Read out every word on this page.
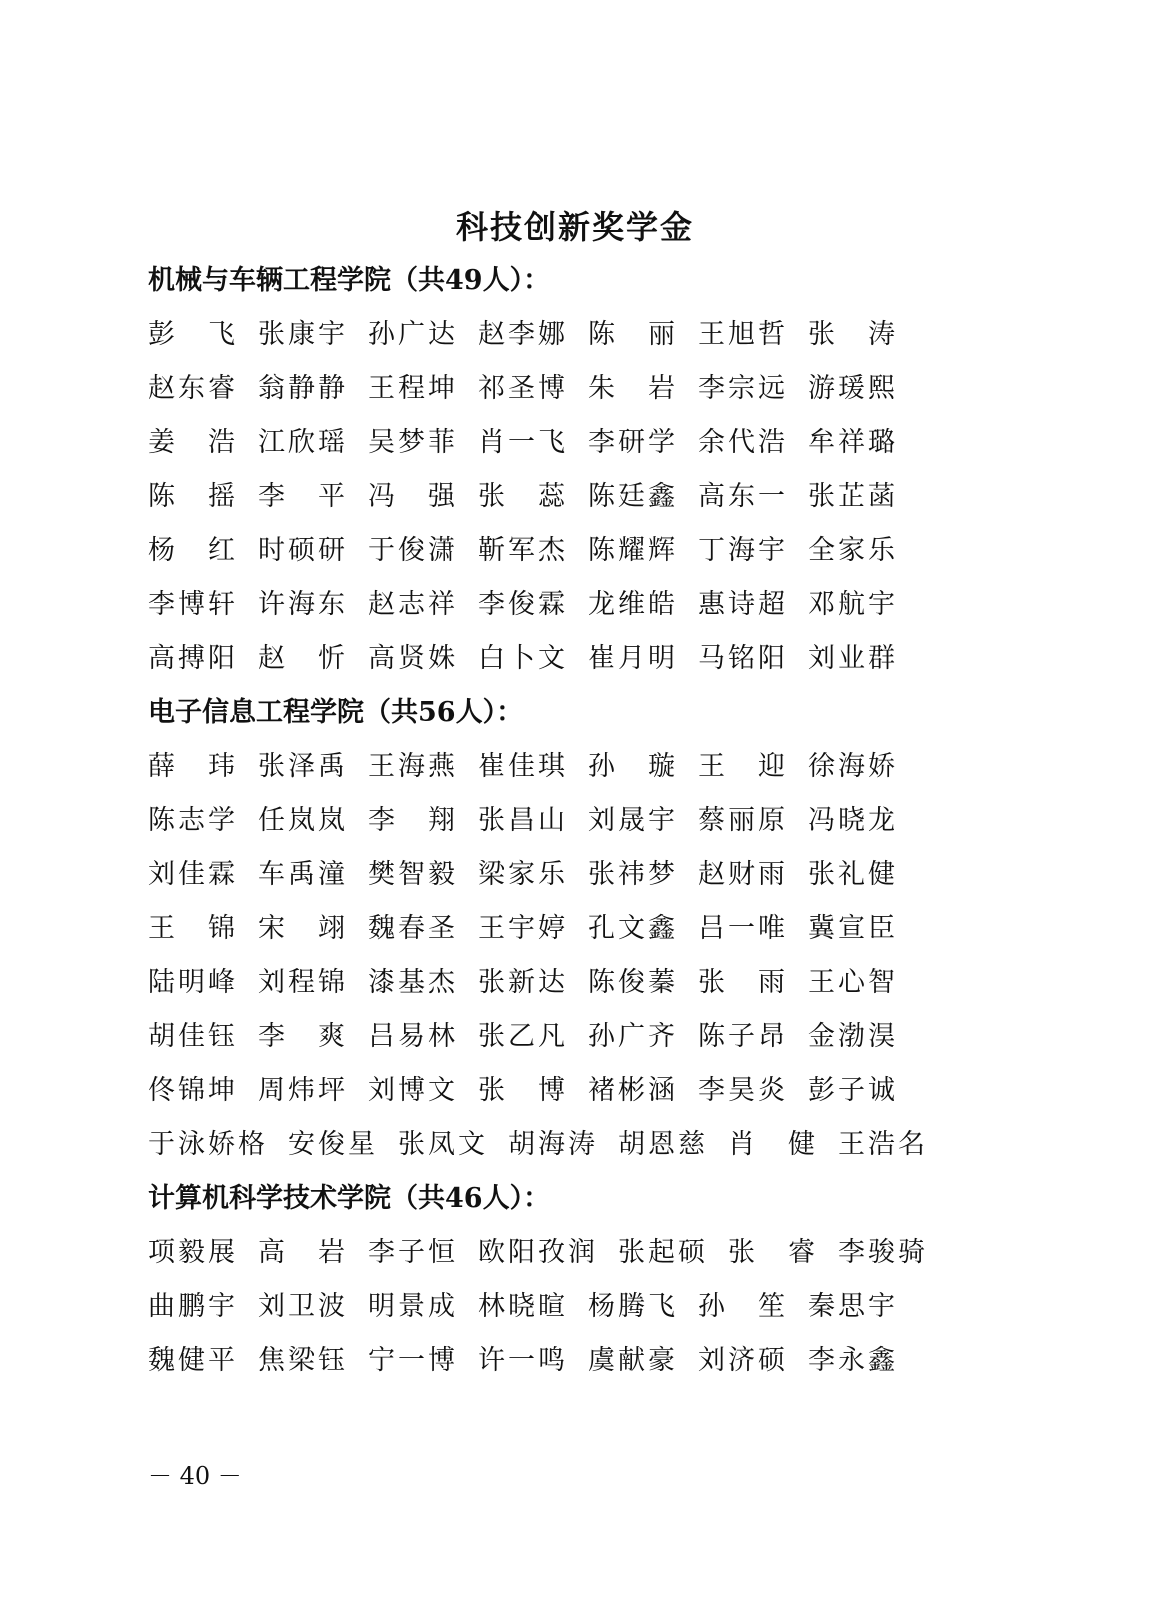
科技创新奖学金
机械与车辆工程学院（共49人）：
彭　飞 张康宇 孙广达 赵李娜 陈　丽 王旭哲 张　涛
赵东睿 翁静静 王程坤 祁圣博 朱　岩 李宗远 游瑗熙
姜　浩 江欣瑶 吴梦菲 肖一飞 李研学 余代浩 牟祥璐
陈　摇 李　平 冯　强 张　蕊 陈廷鑫 高东一 张芷菡
杨　红 时硕研 于俊潇 靳军杰 陈耀辉 丁海宇 全家乐
李博轩 许海东 赵志祥 李俊霖 龙维皓 惠诗超 邓航宇
高搏阳 赵　忻 高贤姝 白卜文 崔月明 马铭阳 刘业群
电子信息工程学院（共56人）：
薛　玮 张泽禹 王海燕 崔佳琪 孙　璇 王　迎 徐海娇
陈志学 任岚岚 李　翔 张昌山 刘晟宇 蔡丽原 冯晓龙
刘佳霖 车禹潼 樊智毅 梁家乐 张祎梦 赵财雨 张礼健
王　锦 宋　翊 魏春圣 王宇婷 孔文鑫 吕一唯 冀宣臣
陆明峰 刘程锦 漆基杰 张新达 陈俊蓁 张　雨 王心智
胡佳钰 李　爽 吕易林 张乙凡 孙广齐 陈子昂 金渤淏
佟锦坤 周炜坪 刘博文 张　博 褚彬涵 李昊炎 彭子诚
于泳娇格 安俊星 张凤文 胡海涛 胡恩慈 肖　健 王浩名
计算机科学技术学院（共46人）：
项毅展 高　岩 李子恒 欧阳孜润 张起硕 张　睿 李骏骑
曲鹏宇 刘卫波 明景成 林晓暄 杨腾飞 孙　笙 秦思宇
魏健平 焦梁钰 宁一博 许一鸣 虞献豪 刘济硕 李永鑫
－ 40 －
